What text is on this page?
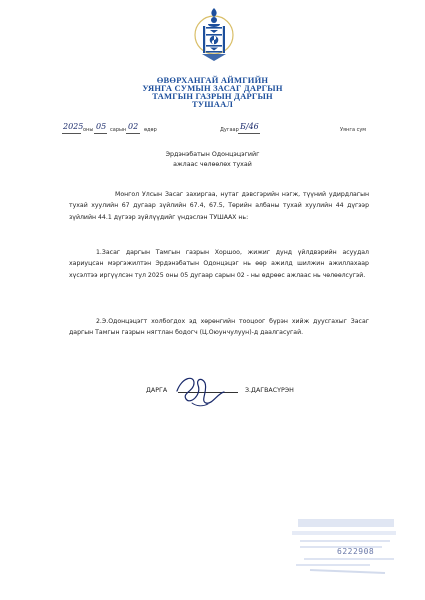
ӨВӨРХАНГАЙ АЙМГИЙН
УЯНГА СУМЫН ЗАСАГ ДАРГЫН
ТАМГЫН ГАЗРЫН ДАРГЫН
ТУШААЛ
2025 оны 05 сарын 02 өдөр	Дугаар Б/46	Уянга сум
Эрдэнэбатын Одонцэцэгийг
ажлаас чөлөөлөх тухай
Монгол Улсын Засаг захиргаа, нутаг дэвсгэрийн нэгж, түүний удирдлагын тухай хуулийн 67 дугаар зүйлийн 67.4, 67.5, Төрийн албаны тухай хуулийн 44 дүгээр зүйлийн 44.1 дүгээр зүйлүүдийг үндэслэн ТУШААХ нь:
1.Засаг даргын Тамгын газрын Хоршоо, жижиг дунд үйлдвэрийн асуудал хариуцсан мэргэжилтэн Эрдэнэбатын Одонцэцэг нь өөр ажилд шилжин ажиллахаар хүсэлтээ иргүүлсэн тул 2025 оны 05 дугаар сарын 02 - ны өдрөөс ажлаас нь чөлөөлсугэй.
2.Э.Одонцэцэгт холбогдох эд хөрөнгийн тооцоог бүрэн хийж дуусгахыг Засаг даргын Тамгын газрын нягтлан бодогч (Ц.Оюунчулуун)-д даалгасугай.
ДАРГА	З.ДАГВАСҮРЭН
6222908
